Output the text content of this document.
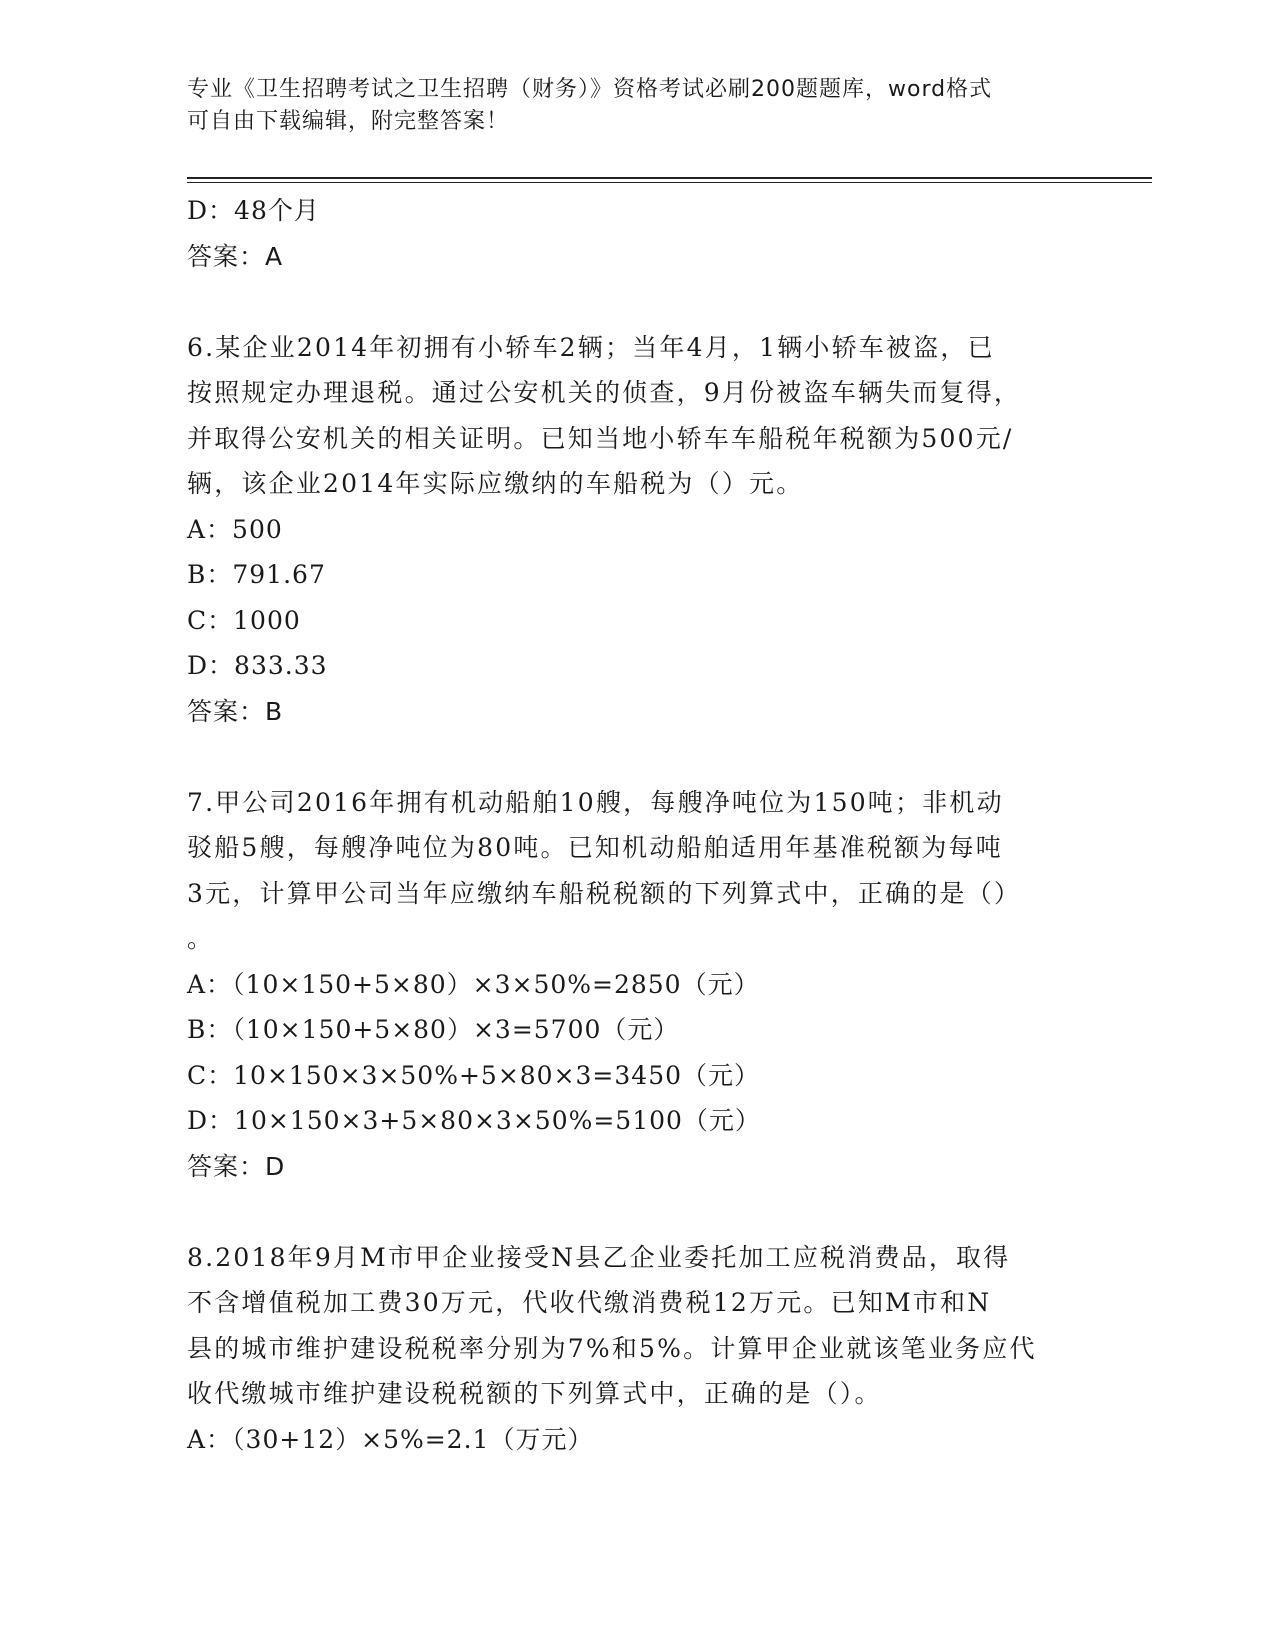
专业《卫生招聘考试之卫生招聘（财务）》资格考试必刷200题题库，word格式
可自由下载编辑，附完整答案！
D：48个月
答案：A
6.某企业2014年初拥有小轿车2辆；当年4月，1辆小轿车被盗，已
按照规定办理退税。通过公安机关的侦查，9月份被盗车辆失而复得，
并取得公安机关的相关证明。已知当地小轿车车船税年税额为500元/
辆，该企业2014年实际应缴纳的车船税为（）元。
A：500
B：791.67
C：1000
D：833.33
答案：B
7.甲公司2016年拥有机动船舶10艘，每艘净吨位为150吨；非机动
驳船5艘，每艘净吨位为80吨。已知机动船舶适用年基准税额为每吨
3元，计算甲公司当年应缴纳车船税税额的下列算式中，正确的是（）
。
A：（10×150+5×80）×3×50%=2850（元）
B：（10×150+5×80）×3=5700（元）
C：10×150×3×50%+5×80×3=3450（元）
D：10×150×3+5×80×3×50%=5100（元）
答案：D
8.2018年9月M市甲企业接受N县乙企业委托加工应税消费品，取得
不含增值税加工费30万元，代收代缴消费税12万元。已知M市和N
县的城市维护建设税税率分别为7%和5%。计算甲企业就该笔业务应代
收代缴城市维护建设税税额的下列算式中，正确的是（）。
A：（30+12）×5%=2.1（万元）
